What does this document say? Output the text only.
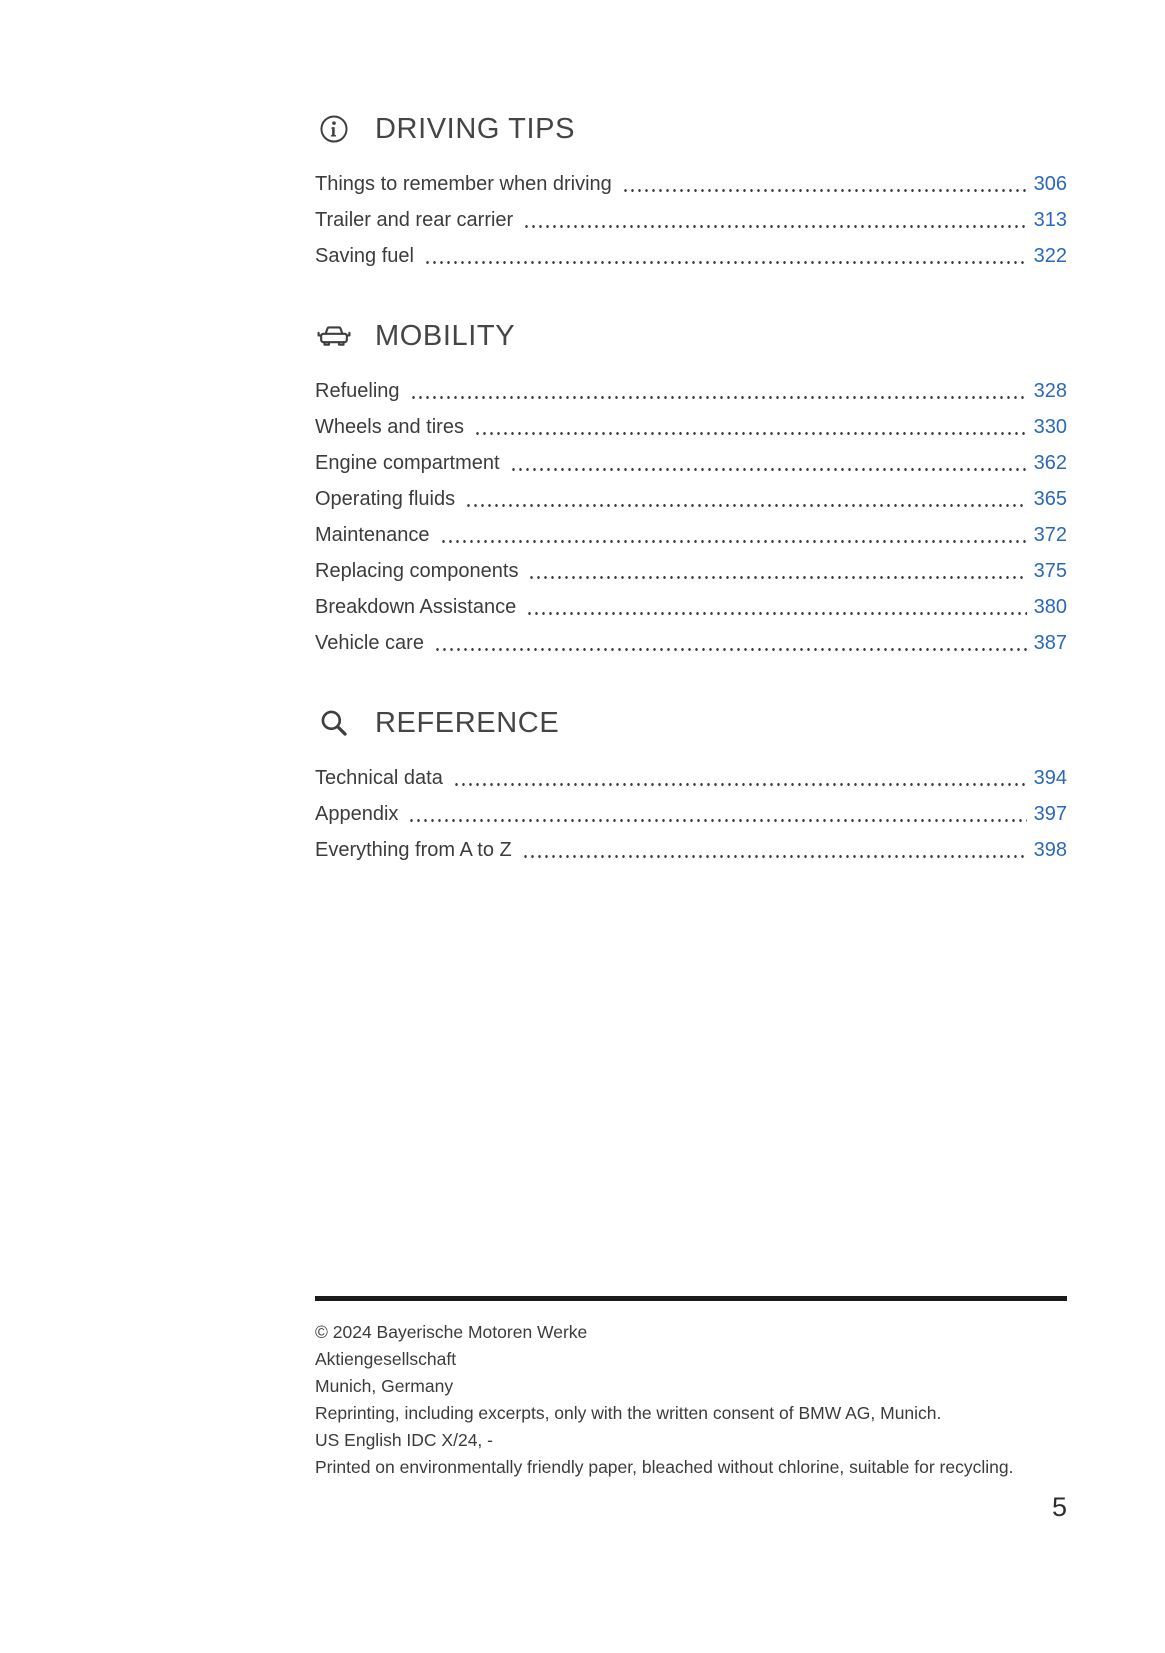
DRIVING TIPS
Things to remember when driving	306
Trailer and rear carrier	313
Saving fuel	322
MOBILITY
Refueling	328
Wheels and tires	330
Engine compartment	362
Operating fluids	365
Maintenance	372
Replacing components	375
Breakdown Assistance	380
Vehicle care	387
REFERENCE
Technical data	394
Appendix	397
Everything from A to Z	398
© 2024 Bayerische Motoren Werke
Aktiengesellschaft
Munich, Germany
Reprinting, including excerpts, only with the written consent of BMW AG, Munich.
US English IDC X/24, -
Printed on environmentally friendly paper, bleached without chlorine, suitable for recycling.
5
